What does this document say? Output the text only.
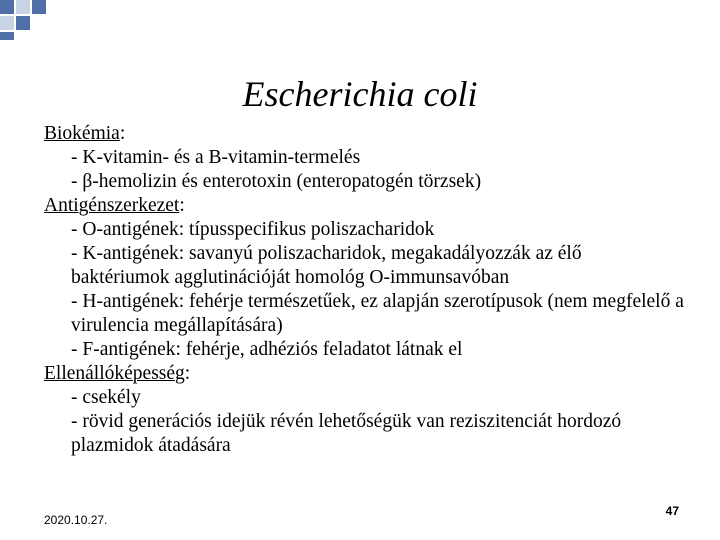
Escherichia coli

Biokémia:

- K-vitamin- és a B-vitamin-termelés

- β-hemolizin és enterotoxin (enteropatogén törzsek)

Antigénszerkezet:

- O-antigének: típusspecifikus poliszacharidok

- K-antigének: savanyú poliszacharidok, megakadályozzák az élő baktériumok agglutinációját homológ O-immunsavóban

- H-antigének: fehérje természetűek, ez alapján szerotípusok (nem megfelelő a virulencia megállapítására)

- F-antigének: fehérje, adhéziós feladatot látnak el

Ellenállóképesség:

- csekély

- rövid generációs idejük révén lehetőségük van reziszitenciát hordozó plazmidok átadására

2020.10.27.
47
